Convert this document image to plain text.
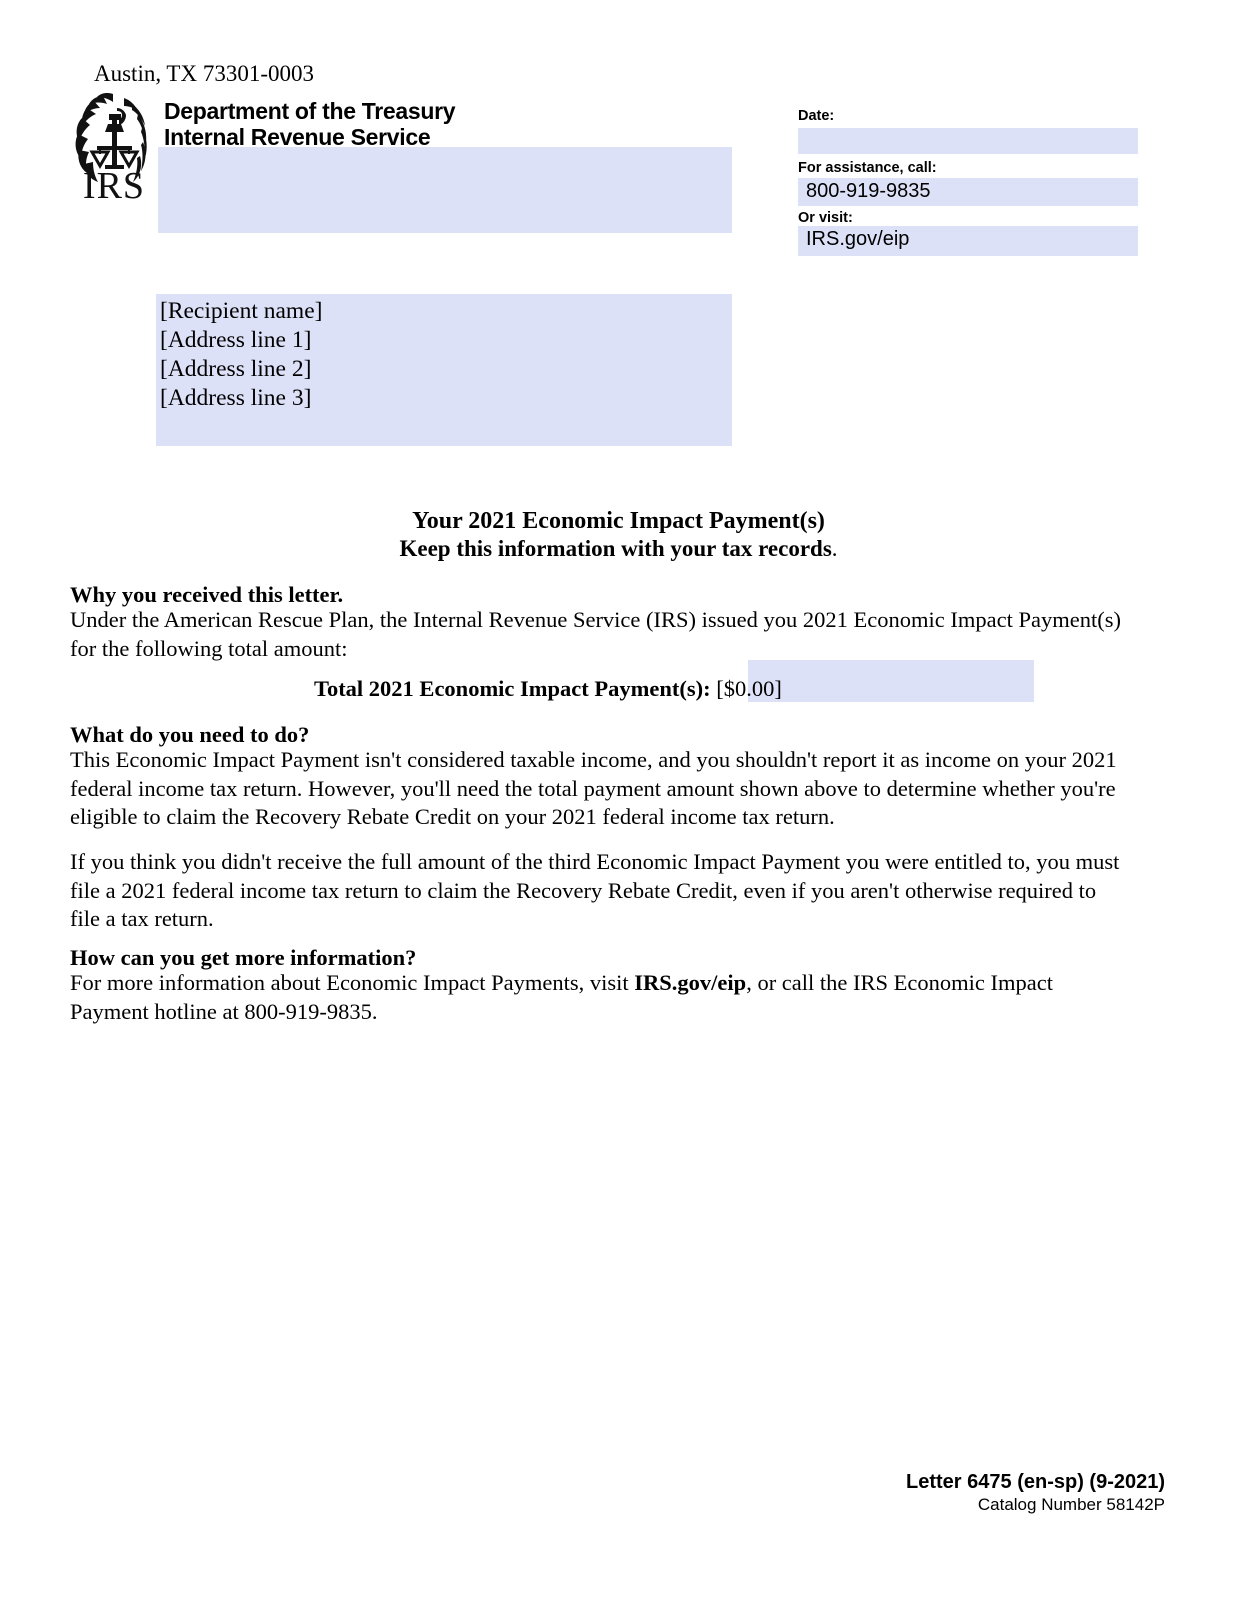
IRS
Department of the Treasury
Internal Revenue Service
Austin, TX 73301-0003
Date:
For assistance, call:
800-919-9835
Or visit:
IRS.gov/eip
[Recipient name]
[Address line 1]
[Address line 2]
[Address line 3]
Your 2021 Economic Impact Payment(s)
Keep this information with your tax records.
Why you received this letter.
Under the American Rescue Plan, the Internal Revenue Service (IRS) issued you 2021 Economic Impact Payment(s) for the following total amount:
Total 2021 Economic Impact Payment(s): [$0.00]
What do you need to do?
This Economic Impact Payment isn't considered taxable income, and you shouldn't report it as income on your 2021 federal income tax return. However, you'll need the total payment amount shown above to determine whether you're eligible to claim the Recovery Rebate Credit on your 2021 federal income tax return.
If you think you didn't receive the full amount of the third Economic Impact Payment you were entitled to, you must file a 2021 federal income tax return to claim the Recovery Rebate Credit, even if you aren't otherwise required to file a tax return.
How can you get more information?
For more information about Economic Impact Payments, visit IRS.gov/eip, or call the IRS Economic Impact Payment hotline at 800-919-9835.
Letter 6475 (en-sp) (9-2021)
Catalog Number 58142P
